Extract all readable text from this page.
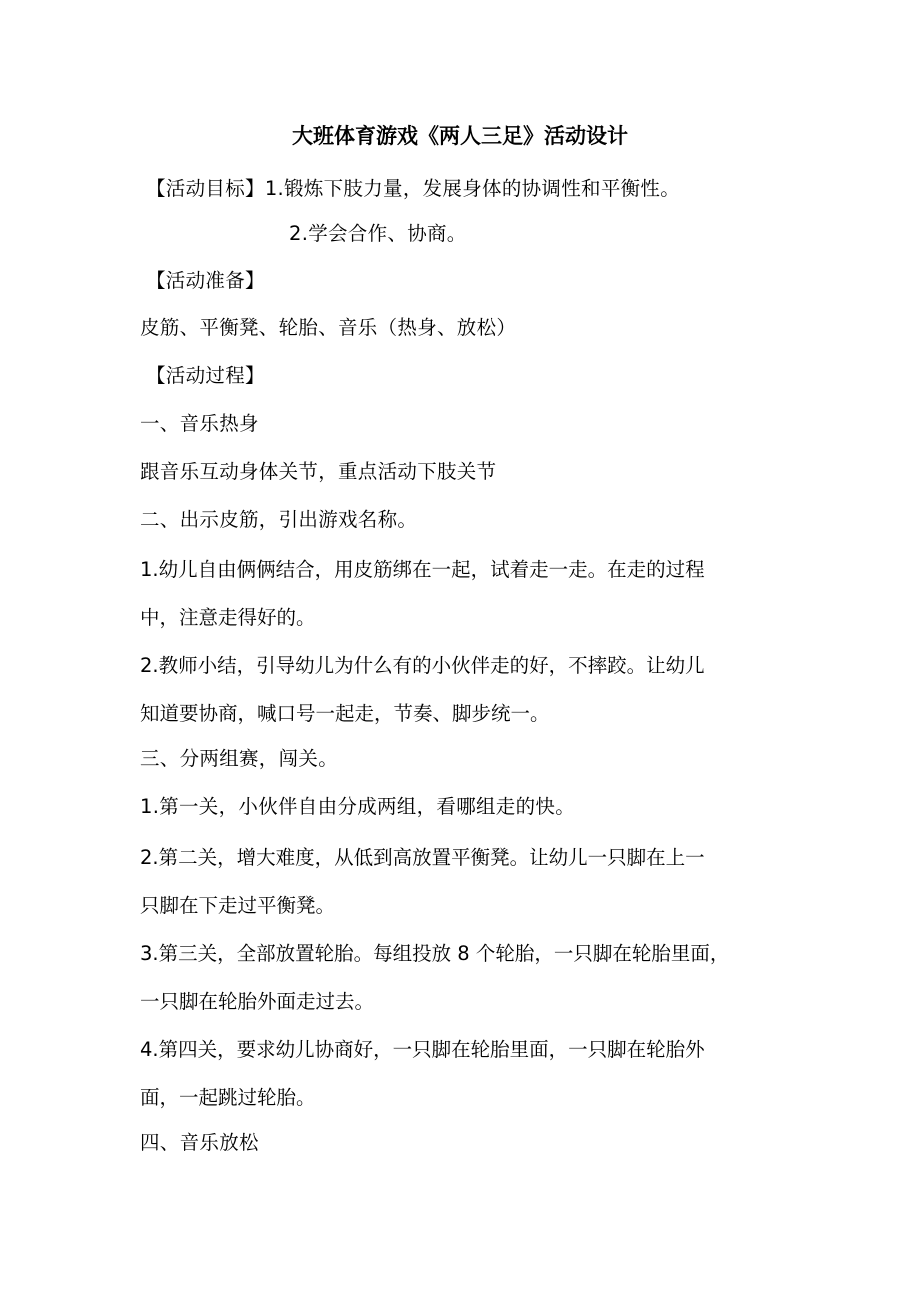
大班体育游戏《两人三足》活动设计
【活动目标】1.锻炼下肢力量，发展身体的协调性和平衡性。
2.学会合作、协商。
【活动准备】
皮筋、平衡凳、轮胎、音乐（热身、放松）
【活动过程】
一、音乐热身
跟音乐互动身体关节，重点活动下肢关节
二、出示皮筋，引出游戏名称。
1.幼儿自由俩俩结合，用皮筋绑在一起，试着走一走。在走的过程
中，注意走得好的。
2.教师小结，引导幼儿为什么有的小伙伴走的好，不摔跤。让幼儿
知道要协商，喊口号一起走，节奏、脚步统一。
三、分两组赛，闯关。
1.第一关，小伙伴自由分成两组，看哪组走的快。
2.第二关，增大难度，从低到高放置平衡凳。让幼儿一只脚在上一
只脚在下走过平衡凳。
3.第三关，全部放置轮胎。每组投放 8 个轮胎，一只脚在轮胎里面，
一只脚在轮胎外面走过去。
4.第四关，要求幼儿协商好，一只脚在轮胎里面，一只脚在轮胎外
面，一起跳过轮胎。
四、音乐放松
